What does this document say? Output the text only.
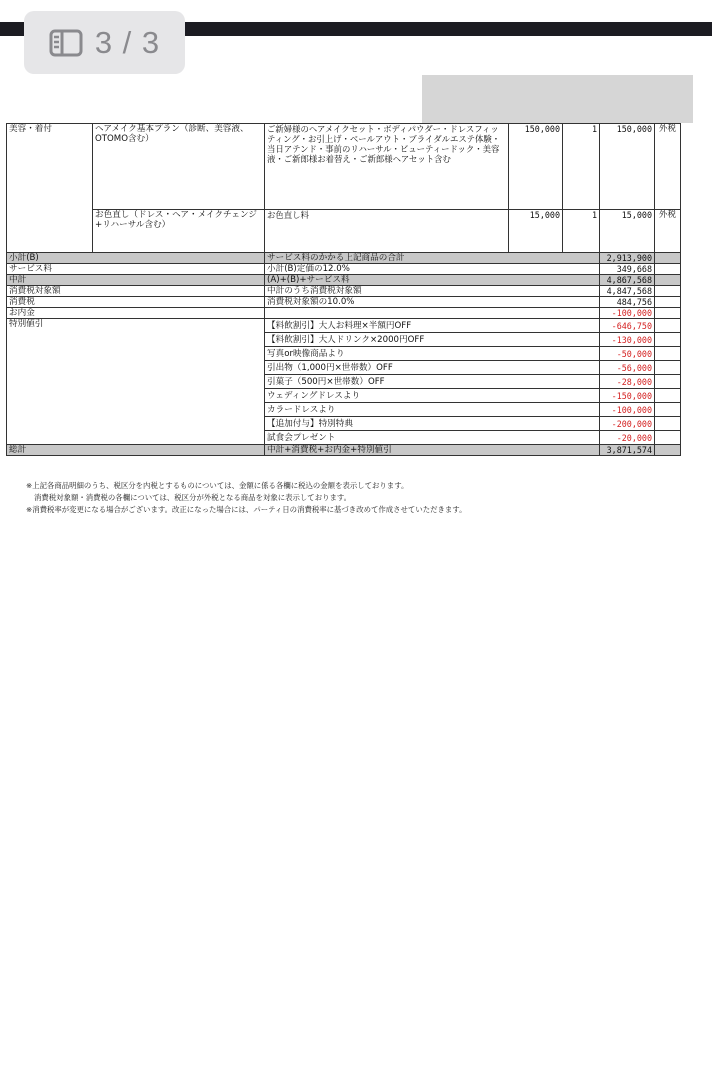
3 / 3
美容・着付	ヘアメイク基本プラン（診断、美容液、OTOMO含む）	ご新婦様のヘアメイクセット・ボディパウダー・ドレスフィッティング・お引上げ・ベールアウト・ブライダルエステ体験・当日アテンド・事前のリハーサル・ビューティードック・美容液・ご新郎様お着替え・ご新郎様ヘアセット含む	150,000	1	150,000	外税
	お色直し（ドレス・ヘア・メイクチェンジ+リハーサル含む）	お色直し料	15,000	1	15,000	外税
小計(B)		サービス料のかかる上記商品の合計			2,913,900	
サービス料		小計(B)定価の12.0%			349,668	
中計		(A)+(B)+サービス料			4,867,568	
消費税対象額		中計のうち消費税対象額			4,847,568	
消費税		消費税対象額の10.0%			484,756	
お内金					-100,000	
特別値引		【料飲割引】大人お料理×半額円OFF			-646,750	
		【料飲割引】大人ドリンク×2000円OFF			-130,000	
		写真or映像商品より			-50,000	
		引出物（1,000円×世帯数）OFF			-56,000	
		引菓子（500円×世帯数）OFF			-28,000	
		ウェディングドレスより			-150,000	
		カラードレスより			-100,000	
		【追加付与】特別特典			-200,000	
		試食会プレゼント			-20,000	
総計		中計+消費税+お内金+特別値引			3,871,574	
※上記各商品明細のうち、税区分を内税とするものについては、金額に係る各欄に税込の金額を表示しております。
消費税対象額・消費税の各欄については、税区分が外税となる商品を対象に表示しております。
※消費税率が変更になる場合がございます。改正になった場合には、パーティ日の消費税率に基づき改めて作成させていただきます。
